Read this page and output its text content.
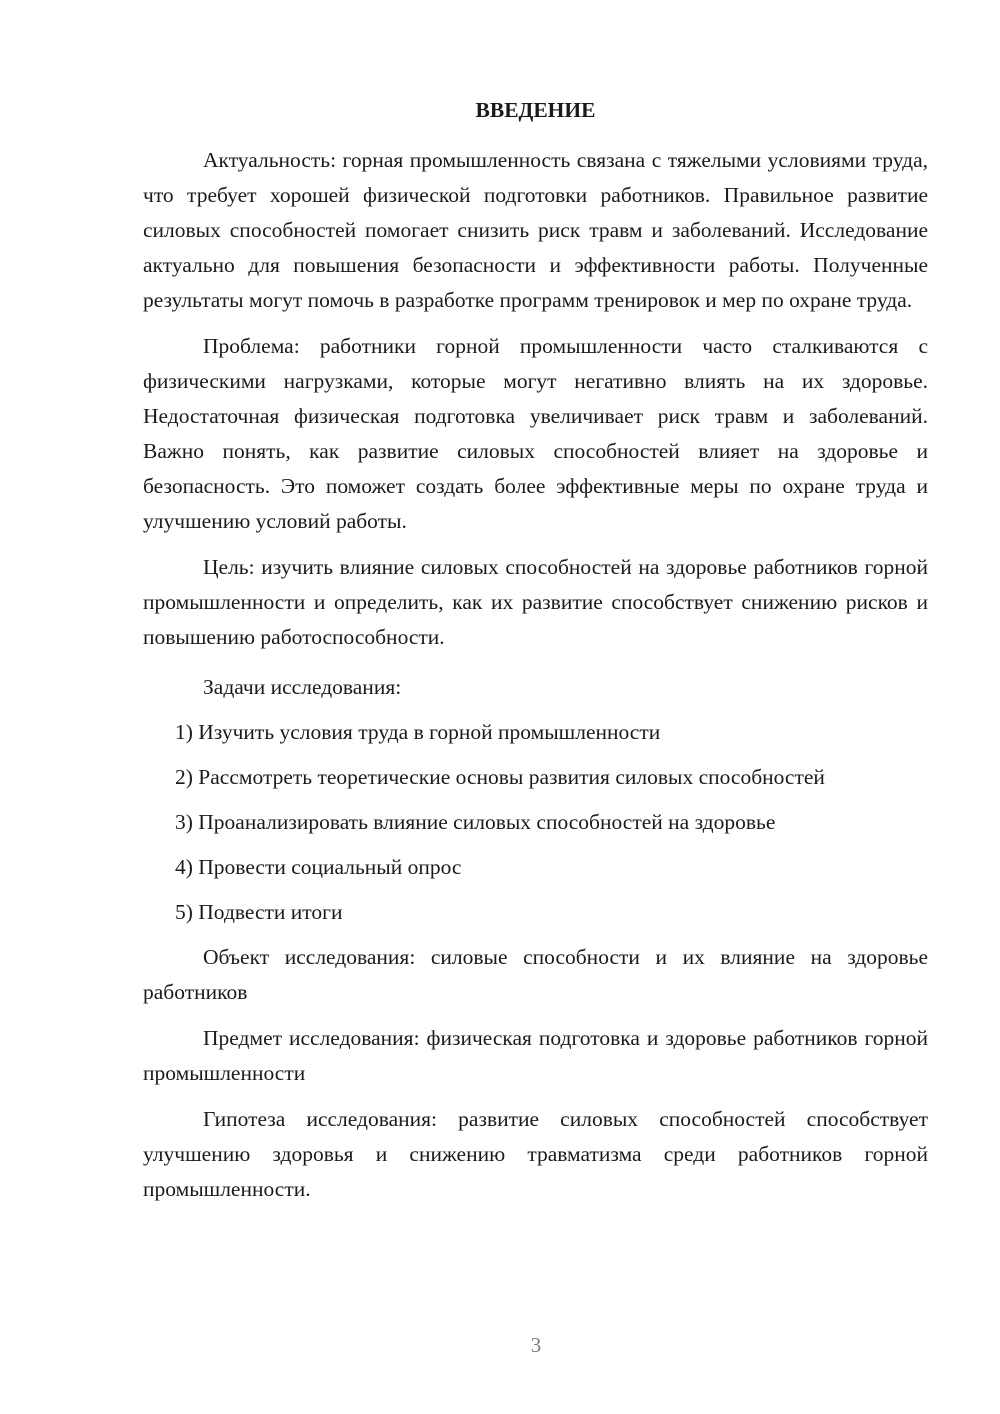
ВВЕДЕНИЕ

Актуальность: горная промышленность связана с тяжелыми условиями труда, что требует хорошей физической подготовки работников. Правильное развитие силовых способностей помогает снизить риск травм и заболеваний. Исследование актуально для повышения безопасности и эффективности работы. Полученные результаты могут помочь в разработке программ тренировок и мер по охране труда.

Проблема: работники горной промышленности часто сталкиваются с физическими нагрузками, которые могут негативно влиять на их здоровье. Недостаточная физическая подготовка увеличивает риск травм и заболеваний. Важно понять, как развитие силовых способностей влияет на здоровье и безопасность. Это поможет создать более эффективные меры по охране труда и улучшению условий работы.

Цель: изучить влияние силовых способностей на здоровье работников горной промышленности и определить, как их развитие способствует снижению рисков и повышению работоспособности.

Задачи исследования:
1) Изучить условия труда в горной промышленности
2) Рассмотреть теоретические основы развития силовых способностей
3) Проанализировать влияние силовых способностей на здоровье
4) Провести социальный опрос
5) Подвести итоги

Объект исследования: силовые способности и их влияние на здоровье работников

Предмет исследования: физическая подготовка и здоровье работников горной промышленности

Гипотеза исследования: развитие силовых способностей способствует улучшению здоровья и снижению травматизма среди работников горной промышленности.

3
